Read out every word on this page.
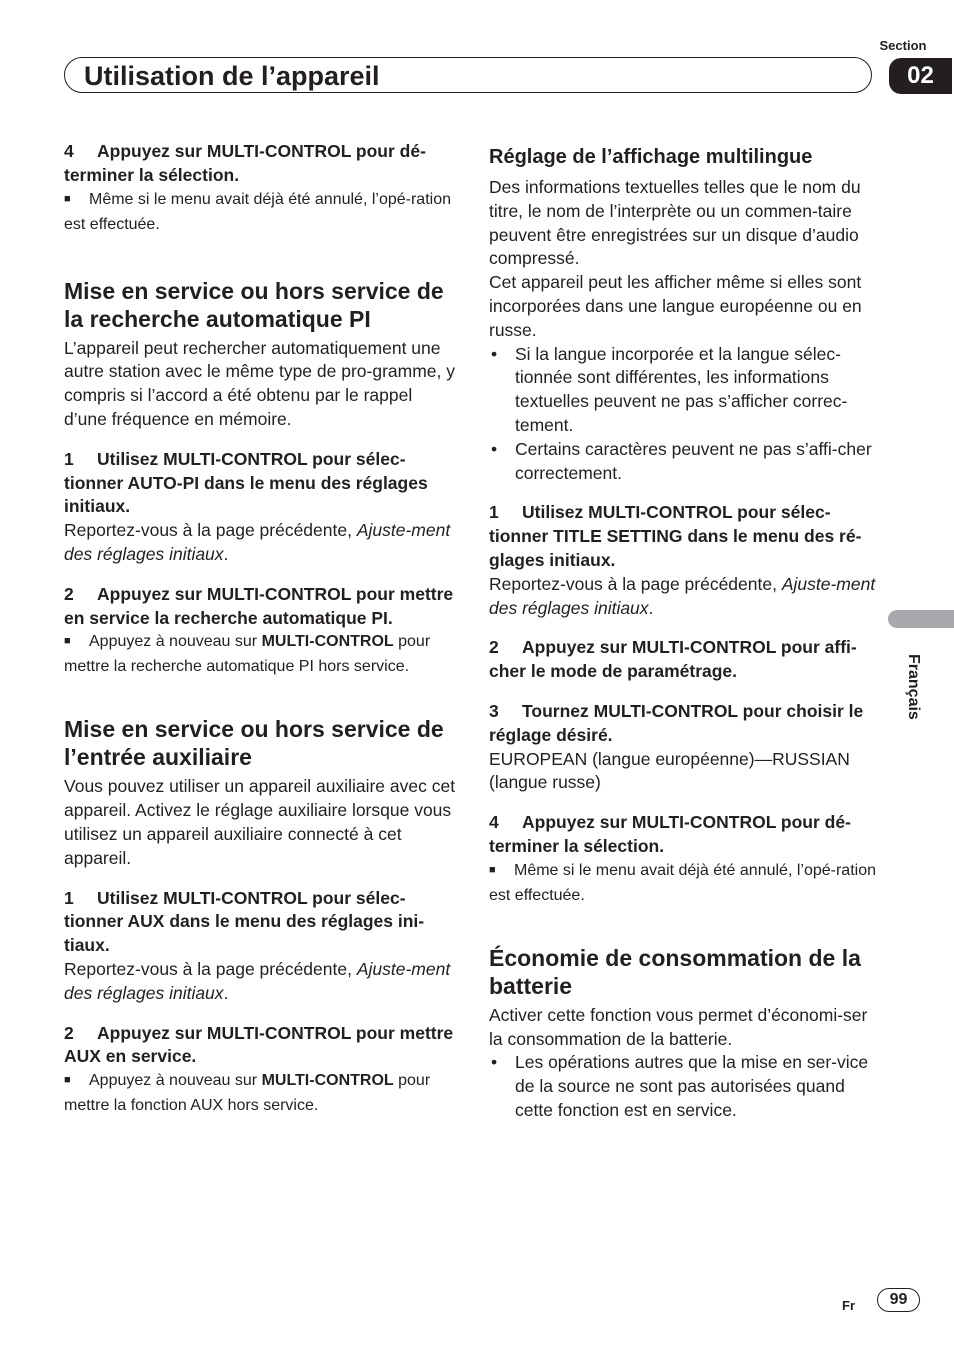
Section
02
Utilisation de l’appareil

4 Appuyez sur MULTI-CONTROL pour dé-terminer la sélection.

■ Même si le menu avait déjà été annulé, l’opé-ration est effectuée.

Mise en service ou hors service de la recherche automatique PI

L’appareil peut rechercher automatiquement une autre station avec le même type de pro-gramme, y compris si l’accord a été obtenu par le rappel d’une fréquence en mémoire.

1 Utilisez MULTI-CONTROL pour sélec-tionner AUTO-PI dans le menu des réglages initiaux.

Reportez-vous à la page précédente, Ajuste-ment des réglages initiaux.

2 Appuyez sur MULTI-CONTROL pour mettre en service la recherche automatique PI.

■ Appuyez à nouveau sur MULTI-CONTROL pour mettre la recherche automatique PI hors service.

Mise en service ou hors service de l’entrée auxiliaire

Vous pouvez utiliser un appareil auxiliaire avec cet appareil. Activez le réglage auxiliaire lorsque vous utilisez un appareil auxiliaire connecté à cet appareil.

1 Utilisez MULTI-CONTROL pour sélec-tionner AUX dans le menu des réglages ini-tiaux.

Reportez-vous à la page précédente, Ajuste-ment des réglages initiaux.

2 Appuyez sur MULTI-CONTROL pour mettre AUX en service.

■ Appuyez à nouveau sur MULTI-CONTROL pour mettre la fonction AUX hors service.

Réglage de l’affichage multilingue

Des informations textuelles telles que le nom du titre, le nom de l’interprète ou un commen-taire peuvent être enregistrées sur un disque d’audio compressé.

Cet appareil peut les afficher même si elles sont incorporées dans une langue européenne ou en russe.

• Si la langue incorporée et la langue sélec-tionnée sont différentes, les informations textuelles peuvent ne pas s’afficher correc-tement.
• Certains caractères peuvent ne pas s’affi-cher correctement.

1 Utilisez MULTI-CONTROL pour sélec-tionner TITLE SETTING dans le menu des ré-glages initiaux.

Reportez-vous à la page précédente, Ajuste-ment des réglages initiaux.

2 Appuyez sur MULTI-CONTROL pour affi-cher le mode de paramétrage.

3 Tournez MULTI-CONTROL pour choisir le réglage désiré.

EUROPEAN (langue européenne)—RUSSIAN (langue russe)

4 Appuyez sur MULTI-CONTROL pour dé-terminer la sélection.

■ Même si le menu avait déjà été annulé, l’opé-ration est effectuée.

Économie de consommation de la batterie

Activer cette fonction vous permet d’économi-ser la consommation de la batterie.

• Les opérations autres que la mise en ser-vice de la source ne sont pas autorisées quand cette fonction est en service.
Français
Fr	99
